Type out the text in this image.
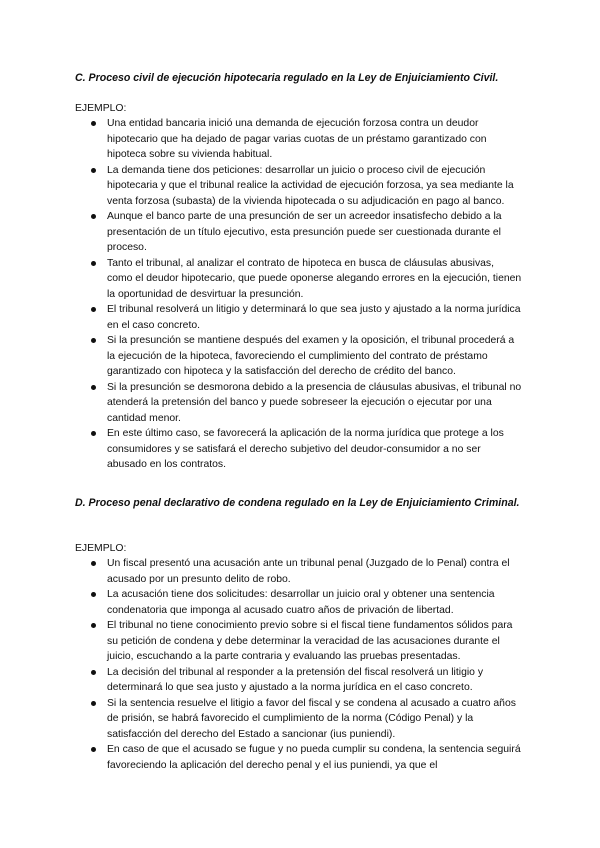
C. Proceso civil de ejecución hipotecaria regulado en la Ley de Enjuiciamiento Civil.
EJEMPLO:
Una entidad bancaria inició una demanda de ejecución forzosa contra un deudor hipotecario que ha dejado de pagar varias cuotas de un préstamo garantizado con hipoteca sobre su vivienda habitual.
La demanda tiene dos peticiones: desarrollar un juicio o proceso civil de ejecución hipotecaria y que el tribunal realice la actividad de ejecución forzosa, ya sea mediante la venta forzosa (subasta) de la vivienda hipotecada o su adjudicación en pago al banco.
Aunque el banco parte de una presunción de ser un acreedor insatisfecho debido a la presentación de un título ejecutivo, esta presunción puede ser cuestionada durante el proceso.
Tanto el tribunal, al analizar el contrato de hipoteca en busca de cláusulas abusivas, como el deudor hipotecario, que puede oponerse alegando errores en la ejecución, tienen la oportunidad de desvirtuar la presunción.
El tribunal resolverá un litigio y determinará lo que sea justo y ajustado a la norma jurídica en el caso concreto.
Si la presunción se mantiene después del examen y la oposición, el tribunal procederá a la ejecución de la hipoteca, favoreciendo el cumplimiento del contrato de préstamo garantizado con hipoteca y la satisfacción del derecho de crédito del banco.
Si la presunción se desmorona debido a la presencia de cláusulas abusivas, el tribunal no atenderá la pretensión del banco y puede sobreseer la ejecución o ejecutar por una cantidad menor.
En este último caso, se favorecerá la aplicación de la norma jurídica que protege a los consumidores y se satisfará el derecho subjetivo del deudor-consumidor a no ser abusado en los contratos.
D. Proceso penal declarativo de condena regulado en la Ley de Enjuiciamiento Criminal.
EJEMPLO:
Un fiscal presentó una acusación ante un tribunal penal (Juzgado de lo Penal) contra el acusado por un presunto delito de robo.
La acusación tiene dos solicitudes: desarrollar un juicio oral y obtener una sentencia condenatoria que imponga al acusado cuatro años de privación de libertad.
El tribunal no tiene conocimiento previo sobre si el fiscal tiene fundamentos sólidos para su petición de condena y debe determinar la veracidad de las acusaciones durante el juicio, escuchando a la parte contraria y evaluando las pruebas presentadas.
La decisión del tribunal al responder a la pretensión del fiscal resolverá un litigio y determinará lo que sea justo y ajustado a la norma jurídica en el caso concreto.
Si la sentencia resuelve el litigio a favor del fiscal y se condena al acusado a cuatro años de prisión, se habrá favorecido el cumplimiento de la norma (Código Penal) y la satisfacción del derecho del Estado a sancionar (ius puniendi).
En caso de que el acusado se fugue y no pueda cumplir su condena, la sentencia seguirá favoreciendo la aplicación del derecho penal y el ius puniendi, ya que el
